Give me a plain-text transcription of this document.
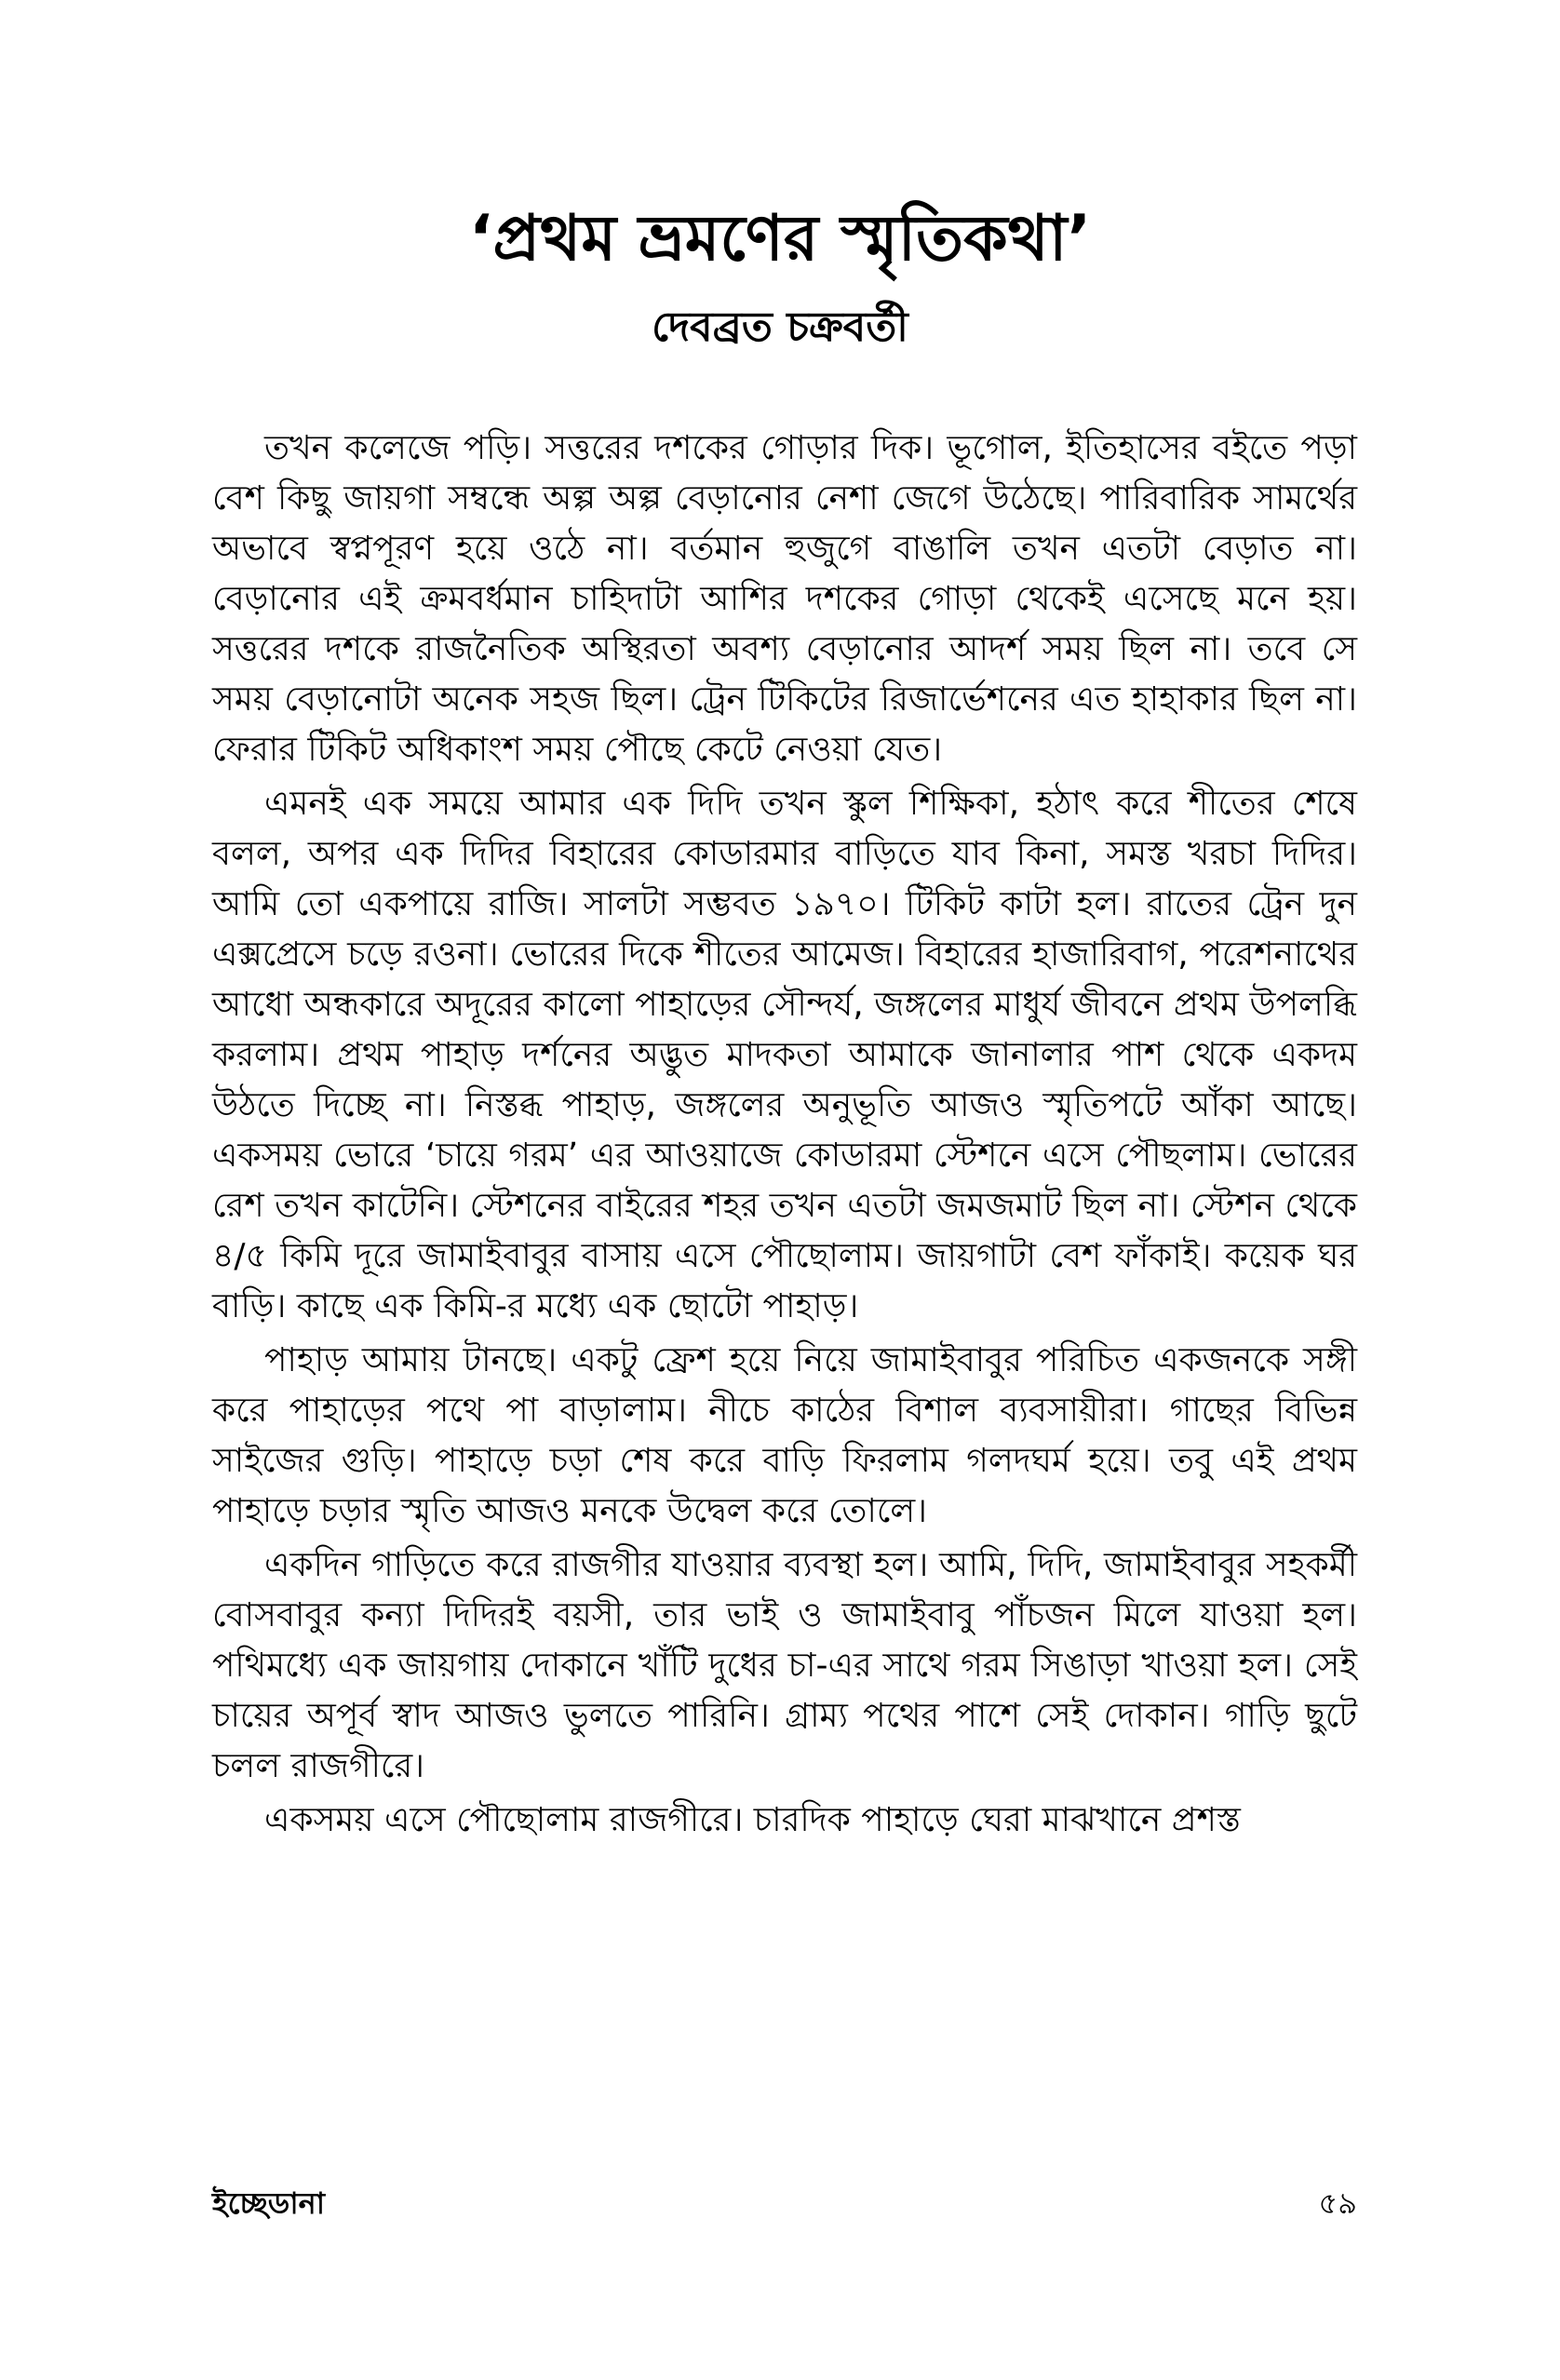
‘প্রথম ভ্রমণের স্মৃতিকথা’
দেবব্রত চক্রবর্তী

তখন কলেজে পড়ি। সত্তরের দশকের গোড়ার দিক। ভূগোল, ইতিহাসের বইতে পড়া বেশ কিছু জায়গা সম্বন্ধে অল্প অল্প বেড়ানোর নেশা জেগে উঠেছে। পারিবারিক সামর্থের অভাবে স্বপ্নপূরণ হয়ে ওঠে না। বর্তমান হুজুগে বাঙালি তখন এতটা বেড়াত না। বেড়ানোর এই ক্রমবর্ধমান চাহিদাটা আশির দশকের গোড়া থেকেই এসেছে মনে হয়। সত্তরের দশকে রাজনৈতিক অস্থিরতা অবশ্য বেড়ানোর আদর্শ সময় ছিল না। তবে সে সময় বেড়ানোটা অনেক সহজ ছিল। ট্রেন টিকিটের রিজার্ভেশনের এত হাহাকার ছিল না। ফেরার টিকিট অধিকাংশ সময় পৌছে কেটে নেওয়া যেত।

এমনই এক সময়ে আমার এক দিদি তখন স্কুল শিক্ষিকা, হঠাৎ করে শীতের শেষে বলল, অপর এক দিদির বিহারের কোডারমার বাড়িতে যাব কিনা, সমস্ত খরচা দিদির। আমি তো একপায়ে রাজি। সালটা সম্ভবত ১৯৭০। টিকিট কাটা হল। রাতের ট্রেন দুন এক্সপ্রেসে চড়ে রওনা। ভোরের দিকে শীতের আমেজ। বিহারের হাজারিবাগ, পরেশনাথের আধো অন্ধকারে অদূরের কালো পাহাড়ের সৌন্দর্য, জঙ্গলের মাধুর্য জীবনে প্রথম উপলব্ধি করলাম। প্রথম পাহাড় দর্শনের অদ্ভুত মাদকতা আমাকে জানালার পাশ থেকে একদম উঠতে দিচ্ছে না। নিস্তব্ধ পাহাড়, জঙ্গলের অনুভূতি আজও স্মৃতিপটে আঁকা আছে। একসময় ভোরে ‘চায়ে গরম’ এর আওয়াজে কোডারমা স্টেশনে এসে পৌছলাম। ভোরের রেশ তখন কাটেনি। স্টেশনের বাইরের শহর তখন এতটা জমজমাট ছিল না। স্টেশন থেকে ৪/৫ কিমি দূরে জামাইবাবুর বাসায় এসে পৌছোলাম। জায়গাটা বেশ ফাঁকাই। কয়েক ঘর বাড়ি। কাছে এক কিমি-র মধ্যে এক ছোটো পাহাড়।

পাহাড় আমায় টানছে। একটু ফ্রেশ হয়ে নিয়ে জামাইবাবুর পরিচিত একজনকে সঙ্গী করে পাহাড়ের পথে পা বাড়ালাম। নীচে কাঠের বিশাল ব্যবসায়ীরা। গাছের বিভিন্ন সাইজের গুড়ি। পাহাড়ে চড়া শেষ করে বাড়ি ফিরলাম গলদঘর্ম হয়ে। তবু এই প্রথম পাহাড়ে চড়ার স্মৃতি আজও মনকে উদ্বেল করে তোলে।

একদিন গাড়িতে করে রাজগীর যাওয়ার ব্যবস্থা হল। আমি, দিদি, জামাইবাবুর সহকর্মী বোসবাবুর কন্যা দিদিরই বয়সী, তার ভাই ও জামাইবাবু পাঁচজন মিলে যাওয়া হল। পথিমধ্যে এক জায়গায় দোকানে খাঁটি দুধের চা-এর সাথে গরম সিঙাড়া খাওয়া হল। সেই চায়ের অপূর্ব স্বাদ আজও ভুলতে পারিনি। গ্রাম্য পথের পাশে সেই দোকান। গাড়ি ছুটে চলল রাজগীরে।

একসময় এসে পৌছোলাম রাজগীরে। চারদিক পাহাড়ে ঘেরা মাঝখানে প্রশস্ত

ইচ্ছেডানা	৫৯
